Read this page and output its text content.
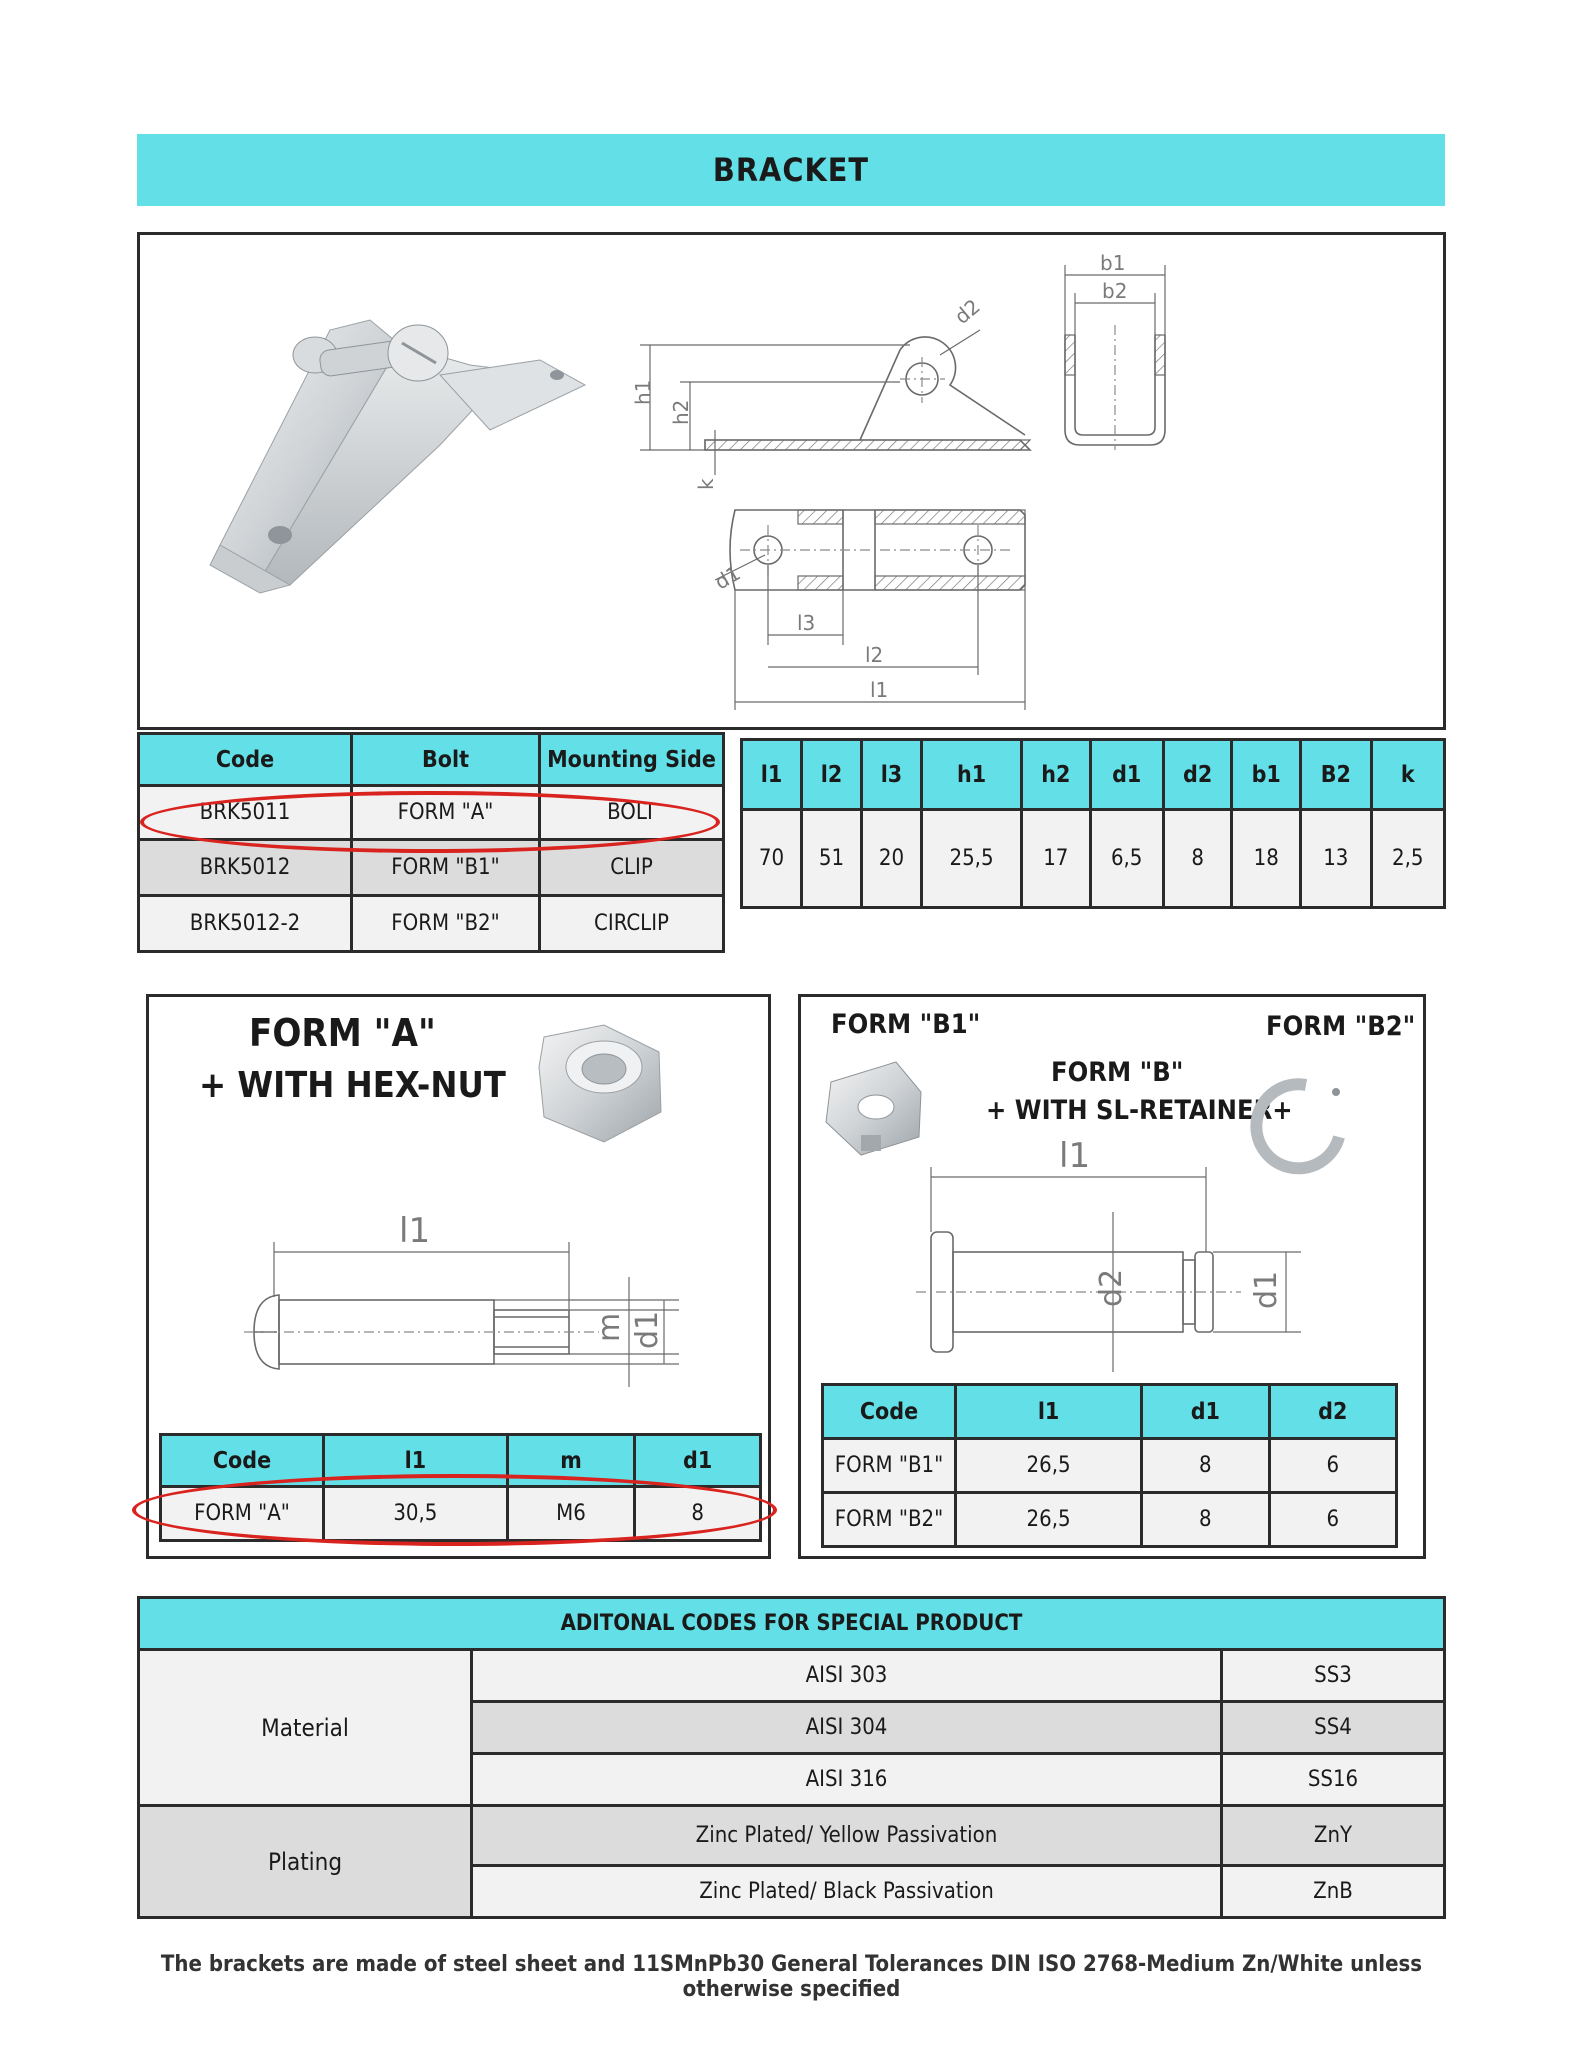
BRACKET
h1
h2
k
d2
b1
b2
l3
l2
l1
d1
Code	Bolt	Mounting Side
BRK5011	FORM "A"	BOLT
BRK5012	FORM "B1"	CLIP
BRK5012-2	FORM "B2"	CIRCLIP
l1	l2	l3	h1	h2	d1	d2	b1	B2	k
70	51	20	25,5	17	6,5	8	18	13	2,5
FORM "A"
+ WITH HEX-NUT
l1
m d1
Code	l1	m	d1
FORM "A"	30,5	M6	8
FORM "B1"	FORM "B2"
FORM "B"
+ WITH SL-RETAINER+
l1
d2	d1
Code	l1	d1	d2
FORM "B1"	26,5	8	6
FORM "B2"	26,5	8	6
ADITONAL CODES FOR SPECIAL PRODUCT		
Material	AISI 303	SS3
	AISI 304	SS4
	AISI 316	SS16
Plating	Zinc Plated/ Yellow Passivation	ZnY
	Zinc Plated/ Black Passivation	ZnB
The brackets are made of steel sheet and 11SMnPb30 General Tolerances DIN ISO 2768-Medium Zn/White unless otherwise specified
